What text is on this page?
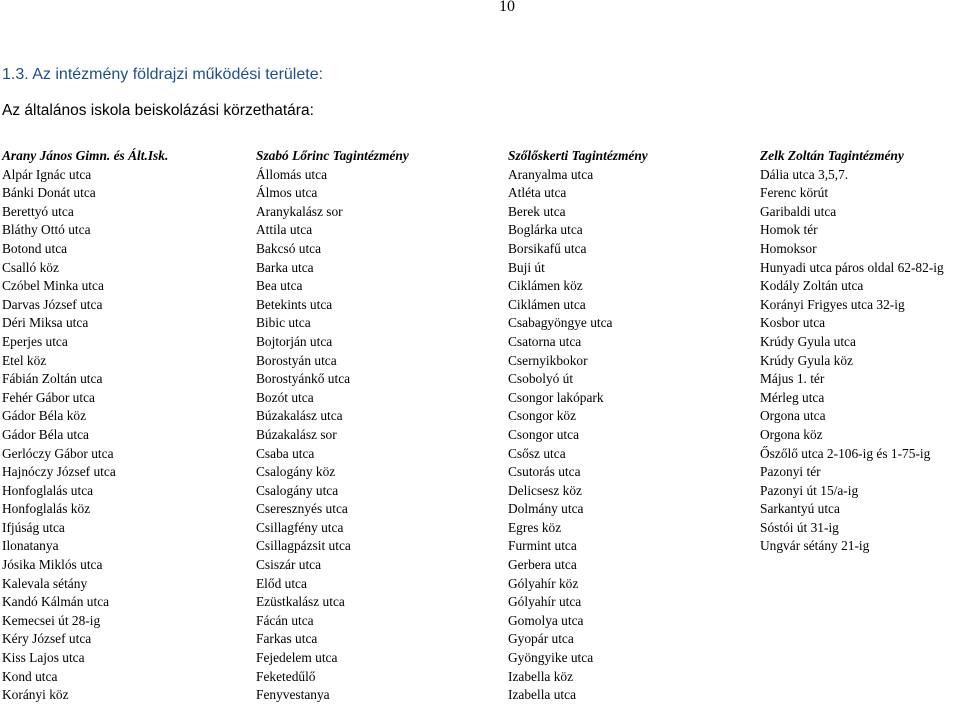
10
1.3. Az intézmény földrajzi működési területe:

Az általános iskola beiskolázási körzethatára:

Arany János Gimn. és Ált.Isk.	Szabó Lőrinc Tagintézmény	Szőlőskerti Tagintézmény	Zelk Zoltán Tagintézmény
Alpár Ignác utca	Állomás utca	Aranyalma utca	Dália utca 3,5,7.
Bánki Donát utca	Álmos utca	Atléta utca	Ferenc körút
Berettyó utca	Aranykalász sor	Berek utca	Garibaldi utca
Bláthy Ottó utca	Attila utca	Boglárka utca	Homok tér
Botond utca	Bakcsó utca	Borsikafű utca	Homoksor
Csalló köz	Barka utca	Buji út	Hunyadi utca páros oldal 62-82-ig
Czóbel Minka utca	Bea utca	Ciklámen köz	Kodály Zoltán utca
Darvas József utca	Betekints utca	Ciklámen utca	Korányi Frigyes utca 32-ig
Déri Miksa utca	Bibic utca	Csabagyöngye utca	Kosbor utca
Eperjes utca	Bojtorján utca	Csatorna utca	Krúdy Gyula utca
Etel köz	Borostyán utca	Csernyikbokor	Krúdy Gyula köz
Fábián Zoltán utca	Borostyánkő utca	Csobolyó út	Május 1. tér
Fehér Gábor utca	Bozót utca	Csongor lakópark	Mérleg utca
Gádor Béla köz	Búzakalász utca	Csongor köz	Orgona utca
Gádor Béla utca	Búzakalász sor	Csongor utca	Orgona köz
Gerlóczy Gábor utca	Csaba utca	Csősz utca	Őszőlő utca 2-106-ig és 1-75-ig
Hajnóczy József utca	Csalogány köz	Csutorás utca	Pazonyi tér
Honfoglalás utca	Csalogány utca	Delicsesz köz	Pazonyi út 15/a-ig
Honfoglalás köz	Cseresznyés utca	Dolmány utca	Sarkantyú utca
Ifjúság utca	Csillagfény utca	Egres köz	Sóstói út 31-ig
Ilonatanya	Csillagpázsit utca	Furmint utca	Ungvár sétány 21-ig
Jósika Miklós utca	Csiszár utca	Gerbera utca
Kalevala sétány	Előd utca	Gólyahír köz
Kandó Kálmán utca	Ezüstkalász utca	Gólyahír utca
Kemecsei út 28-ig	Fácán utca	Gomolya utca
Kéry József utca	Farkas utca	Gyopár utca
Kiss Lajos utca	Fejedelem utca	Gyöngyike utca
Kond utca	Feketedűlő	Izabella köz
Korányi köz	Fenyvestanya	Izabella utca
